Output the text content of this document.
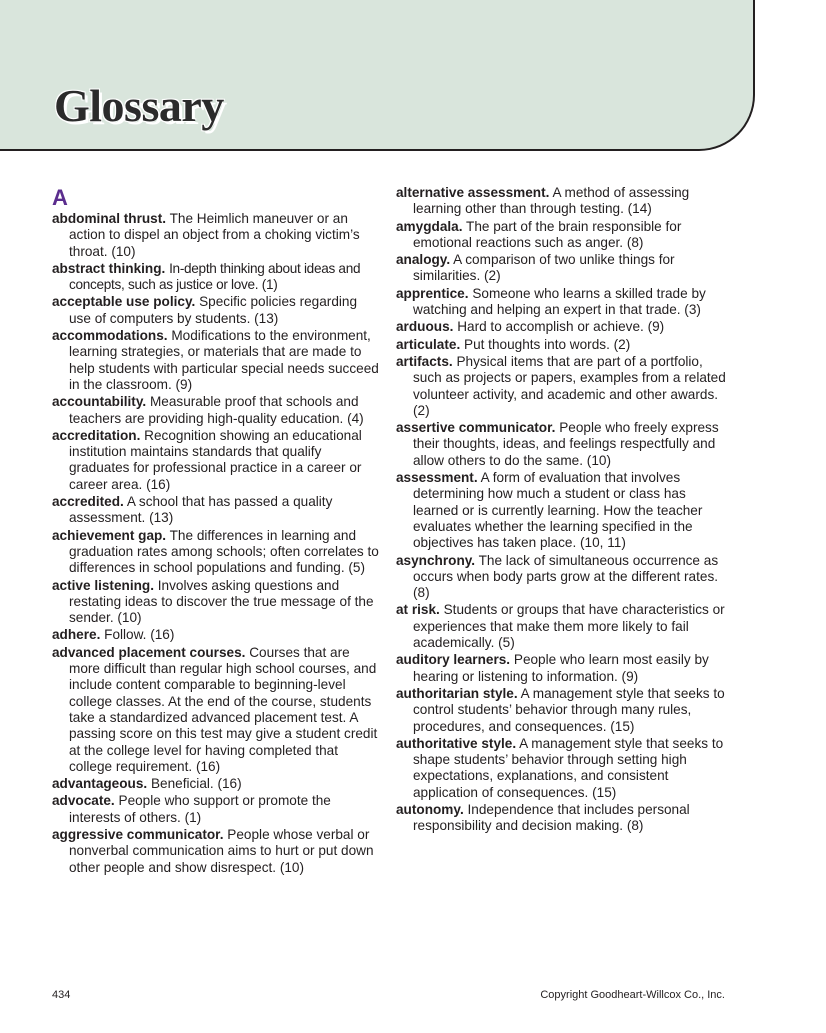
Glossary
A

abdominal thrust. The Heimlich maneuver or an action to dispel an object from a choking victim’s throat. (10)

abstract thinking. In-depth thinking about ideas and concepts, such as justice or love. (1)

acceptable use policy. Specific policies regarding use of computers by students. (13)

accommodations. Modifications to the environment, learning strategies, or materials that are made to help students with particular special needs succeed in the classroom. (9)

accountability. Measurable proof that schools and teachers are providing high-quality education. (4)

accreditation. Recognition showing an educational institution maintains standards that qualify graduates for professional practice in a career or career area. (16)

accredited. A school that has passed a quality assessment. (13)

achievement gap. The differences in learning and graduation rates among schools; often correlates to differences in school populations and funding. (5)

active listening. Involves asking questions and restating ideas to discover the true message of the sender. (10)

adhere. Follow. (16)

advanced placement courses. Courses that are more difficult than regular high school courses, and include content comparable to beginning-level college classes. At the end of the course, students take a standardized advanced placement test. A passing score on this test may give a student credit at the college level for having completed that college requirement. (16)

advantageous. Beneficial. (16)

advocate. People who support or promote the interests of others. (1)

aggressive communicator. People whose verbal or nonverbal communication aims to hurt or put down other people and show disrespect. (10)

alternative assessment. A method of assessing learning other than through testing. (14)

amygdala. The part of the brain responsible for emotional reactions such as anger. (8)

analogy. A comparison of two unlike things for similarities. (2)

apprentice. Someone who learns a skilled trade by watching and helping an expert in that trade. (3)

arduous. Hard to accomplish or achieve. (9)

articulate. Put thoughts into words. (2)

artifacts. Physical items that are part of a portfolio, such as projects or papers, examples from a related volunteer activity, and academic and other awards. (2)

assertive communicator. People who freely express their thoughts, ideas, and feelings respectfully and allow others to do the same. (10)

assessment. A form of evaluation that involves determining how much a student or class has learned or is currently learning. How the teacher evaluates whether the learning specified in the objectives has taken place. (10, 11)

asynchrony. The lack of simultaneous occurrence as occurs when body parts grow at the different rates. (8)

at risk. Students or groups that have characteristics or experiences that make them more likely to fail academically. (5)

auditory learners. People who learn most easily by hearing or listening to information. (9)

authoritarian style. A management style that seeks to control students’ behavior through many rules, procedures, and consequences. (15)

authoritative style. A management style that seeks to shape students’ behavior through setting high expectations, explanations, and consistent application of consequences. (15)

autonomy. Independence that includes personal responsibility and decision making. (8)

434	Copyright Goodheart-Willcox Co., Inc.
